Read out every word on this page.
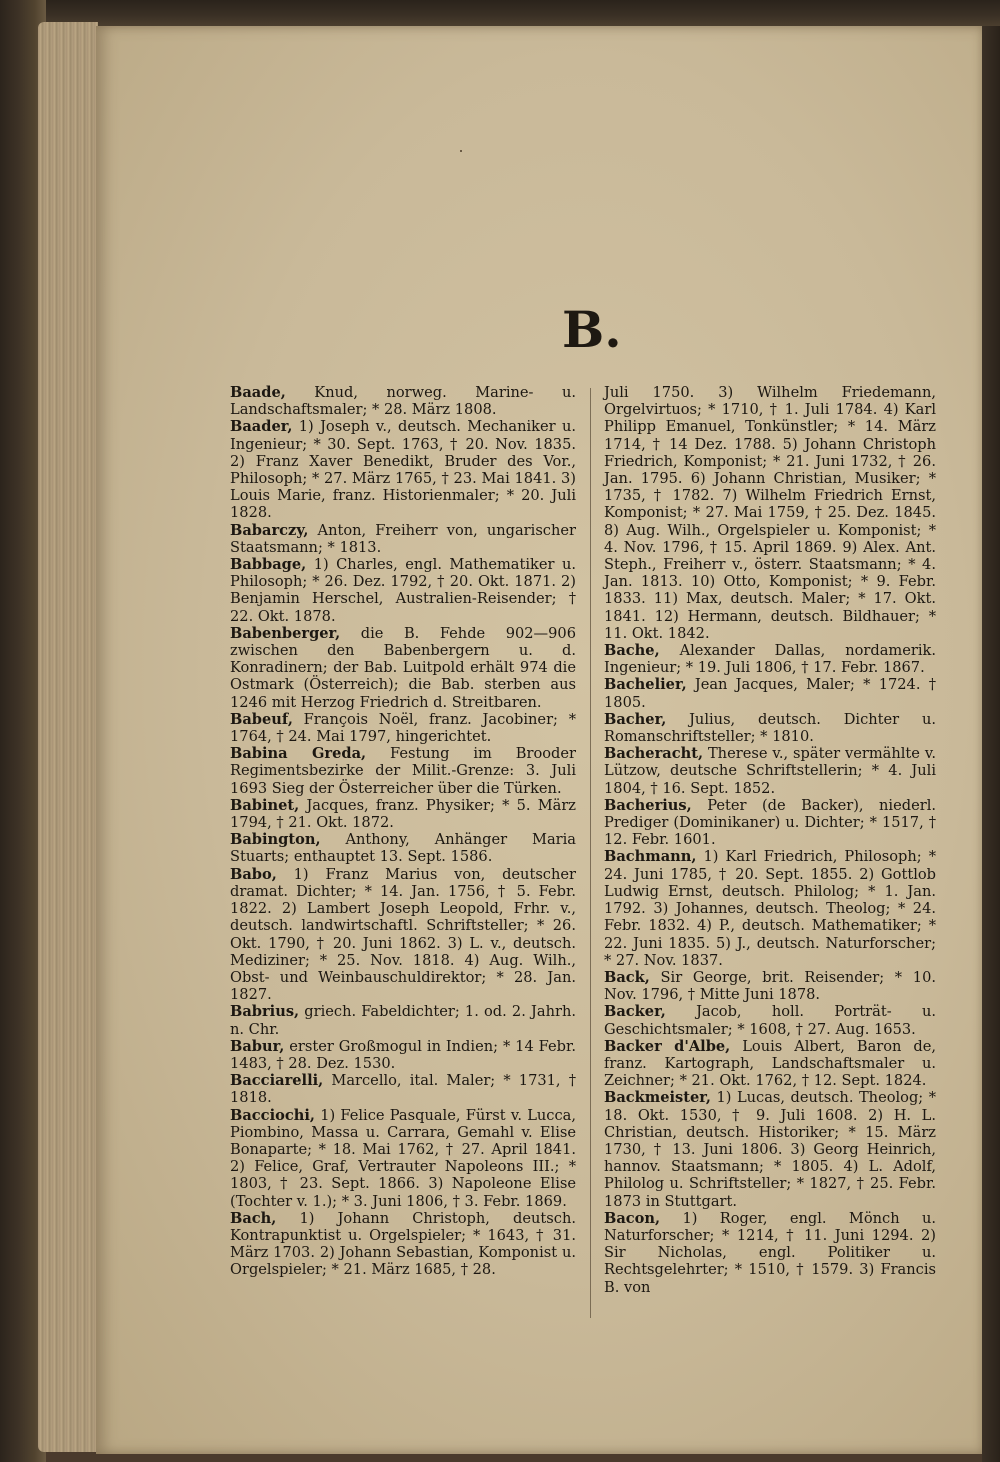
B.

Baade, Knud, norweg. Marine- u. Landschaftsmaler; * 28. März 1808.

Baader, 1) Joseph v., deutsch. Mechaniker u. Ingenieur; * 30. Sept. 1763, † 20. Nov. 1835. 2) Franz Xaver Benedikt, Bruder des Vor., Philosoph; * 27. März 1765, † 23. Mai 1841. 3) Louis Marie, franz. Historienmaler; * 20. Juli 1828.

Babarczy, Anton, Freiherr von, ungarischer Staatsmann; * 1813.

Babbage, 1) Charles, engl. Mathematiker u. Philosoph; * 26. Dez. 1792, † 20. Okt. 1871. 2) Benjamin Herschel, Australien-Reisender; † 22. Okt. 1878.

Babenberger, die B. Fehde 902—906 zwischen den Babenbergern u. d. Konradinern; der Bab. Luitpold erhält 974 die Ostmark (Österreich); die Bab. sterben aus 1246 mit Herzog Friedrich d. Streitbaren.

Babeuf, François Noël, franz. Jacobiner; * 1764, † 24. Mai 1797, hingerichtet.

Babina Greda, Festung im Brooder Regimentsbezirke der Milit.-Grenze: 3. Juli 1693 Sieg der Österreicher über die Türken.

Babinet, Jacques, franz. Physiker; * 5. März 1794, † 21. Okt. 1872.

Babington, Anthony, Anhänger Maria Stuarts; enthauptet 13. Sept. 1586.

Babo, 1) Franz Marius von, deutscher dramat. Dichter; * 14. Jan. 1756, † 5. Febr. 1822. 2) Lambert Joseph Leopold, Frhr. v., deutsch. landwirtschaftl. Schriftsteller; * 26. Okt. 1790, † 20. Juni 1862. 3) L. v., deutsch. Mediziner; * 25. Nov. 1818. 4) Aug. Wilh., Obst- und Weinbauschuldirektor; * 28. Jan. 1827.

Babrius, griech. Fabeldichter; 1. od. 2. Jahrh. n. Chr.

Babur, erster Großmogul in Indien; * 14 Febr. 1483, † 28. Dez. 1530.

Bacciarelli, Marcello, ital. Maler; * 1731, † 1818.

Bacciochi, 1) Felice Pasquale, Fürst v. Lucca, Piombino, Massa u. Carrara, Gemahl v. Elise Bonaparte; * 18. Mai 1762, † 27. April 1841. 2) Felice, Graf, Vertrauter Napoleons III.; * 1803, † 23. Sept. 1866. 3) Napoleone Elise (Tochter v. 1.); * 3. Juni 1806, † 3. Febr. 1869.

Bach, 1) Johann Christoph, deutsch. Kontrapunktist u. Orgelspieler; * 1643, † 31. März 1703. 2) Johann Sebastian, Komponist u. Orgelspieler; * 21. März 1685, † 28.

Juli 1750. 3) Wilhelm Friedemann, Orgelvirtuos; * 1710, † 1. Juli 1784. 4) Karl Philipp Emanuel, Tonkünstler; * 14. März 1714, † 14 Dez. 1788. 5) Johann Christoph Friedrich, Komponist; * 21. Juni 1732, † 26. Jan. 1795. 6) Johann Christian, Musiker; * 1735, † 1782. 7) Wilhelm Friedrich Ernst, Komponist; * 27. Mai 1759, † 25. Dez. 1845. 8) Aug. Wilh., Orgelspieler u. Komponist; * 4. Nov. 1796, † 15. April 1869. 9) Alex. Ant. Steph., Freiherr v., österr. Staatsmann; * 4. Jan. 1813. 10) Otto, Komponist; * 9. Febr. 1833. 11) Max, deutsch. Maler; * 17. Okt. 1841. 12) Hermann, deutsch. Bildhauer; * 11. Okt. 1842.

Bache, Alexander Dallas, nordamerik. Ingenieur; * 19. Juli 1806, † 17. Febr. 1867.

Bachelier, Jean Jacques, Maler; * 1724. † 1805.

Bacher, Julius, deutsch. Dichter u. Romanschriftsteller; * 1810.

Bacheracht, Therese v., später vermählte v. Lützow, deutsche Schriftstellerin; * 4. Juli 1804, † 16. Sept. 1852.

Bacherius, Peter (de Backer), niederl. Prediger (Dominikaner) u. Dichter; * 1517, † 12. Febr. 1601.

Bachmann, 1) Karl Friedrich, Philosoph; * 24. Juni 1785, † 20. Sept. 1855. 2) Gottlob Ludwig Ernst, deutsch. Philolog; * 1. Jan. 1792. 3) Johannes, deutsch. Theolog; * 24. Febr. 1832. 4) P., deutsch. Mathematiker; * 22. Juni 1835. 5) J., deutsch. Naturforscher; * 27. Nov. 1837.

Back, Sir George, brit. Reisender; * 10. Nov. 1796, † Mitte Juni 1878.

Backer, Jacob, holl. Porträt- u. Geschichtsmaler; * 1608, † 27. Aug. 1653.

Backer d'Albe, Louis Albert, Baron de, franz. Kartograph, Landschaftsmaler u. Zeichner; * 21. Okt. 1762, † 12. Sept. 1824.

Backmeister, 1) Lucas, deutsch. Theolog; * 18. Okt. 1530, † 9. Juli 1608. 2) H. L. Christian, deutsch. Historiker; * 15. März 1730, † 13. Juni 1806. 3) Georg Heinrich, hannov. Staatsmann; * 1805. 4) L. Adolf, Philolog u. Schriftsteller; * 1827, † 25. Febr. 1873 in Stuttgart.

Bacon, 1) Roger, engl. Mönch u. Naturforscher; * 1214, † 11. Juni 1294. 2) Sir Nicholas, engl. Politiker u. Rechtsgelehrter; * 1510, † 1579. 3) Francis B. von
